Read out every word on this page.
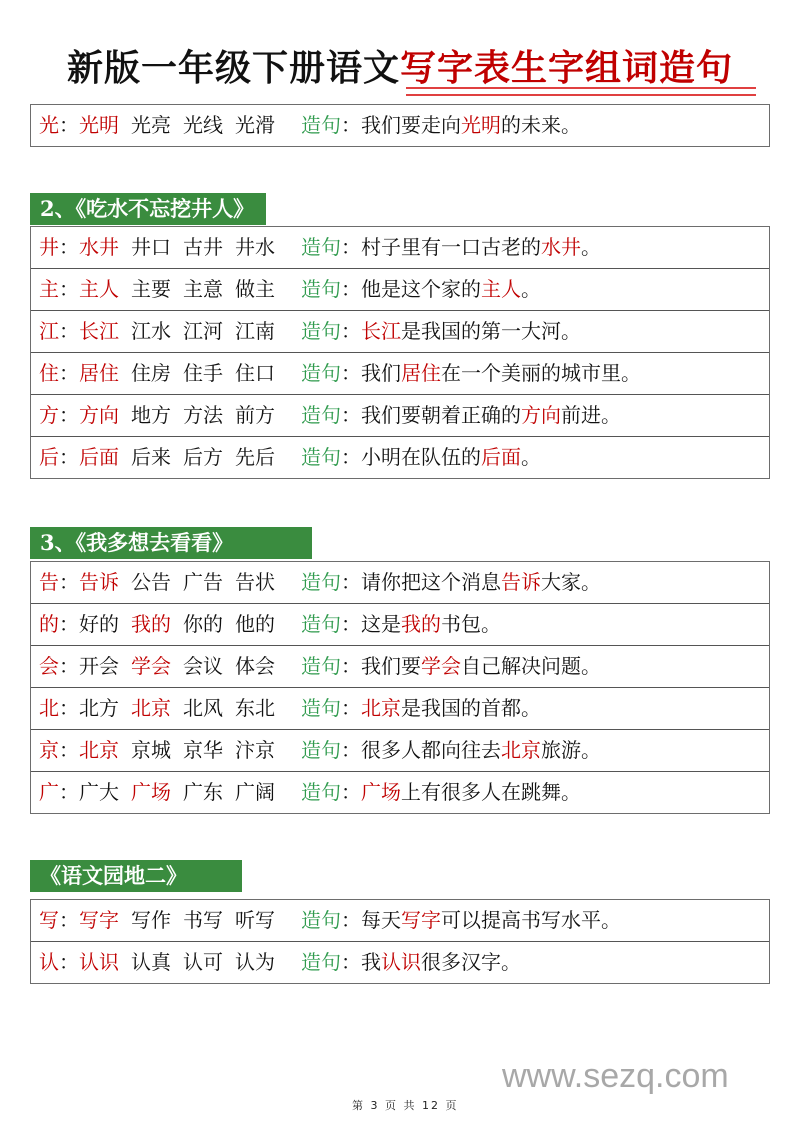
新版一年级下册语文写字表生字组词造句
光：光明 光亮 光线 光滑 造句：我们要走向光明的未来。
2、《吃水不忘挖井人》
井：水井 井口 古井 井水 造句：村子里有一口古老的水井。
主：主人 主要 主意 做主 造句：他是这个家的主人。
江：长江 江水 江河 江南 造句：长江是我国的第一大河。
住：居住 住房 住手 住口 造句：我们居住在一个美丽的城市里。
方：方向 地方 方法 前方 造句：我们要朝着正确的方向前进。
后：后面 后来 后方 先后 造句：小明在队伍的后面。
3、《我多想去看看》
告：告诉 公告 广告 告状 造句：请你把这个消息告诉大家。
的：好的 我的 你的 他的 造句：这是我的书包。
会：开会 学会 会议 体会 造句：我们要学会自己解决问题。
北：北方 北京 北风 东北 造句：北京是我国的首都。
京：北京 京城 京华 汴京 造句：很多人都向往去北京旅游。
广：广大 广场 广东 广阔 造句：广场上有很多人在跳舞。
《语文园地二》
写：写字 写作 书写 听写 造句：每天写字可以提高书写水平。
认：认识 认真 认可 认为 造句：我认识很多汉字。
www.sezq.com
第 3 页 共 12 页
